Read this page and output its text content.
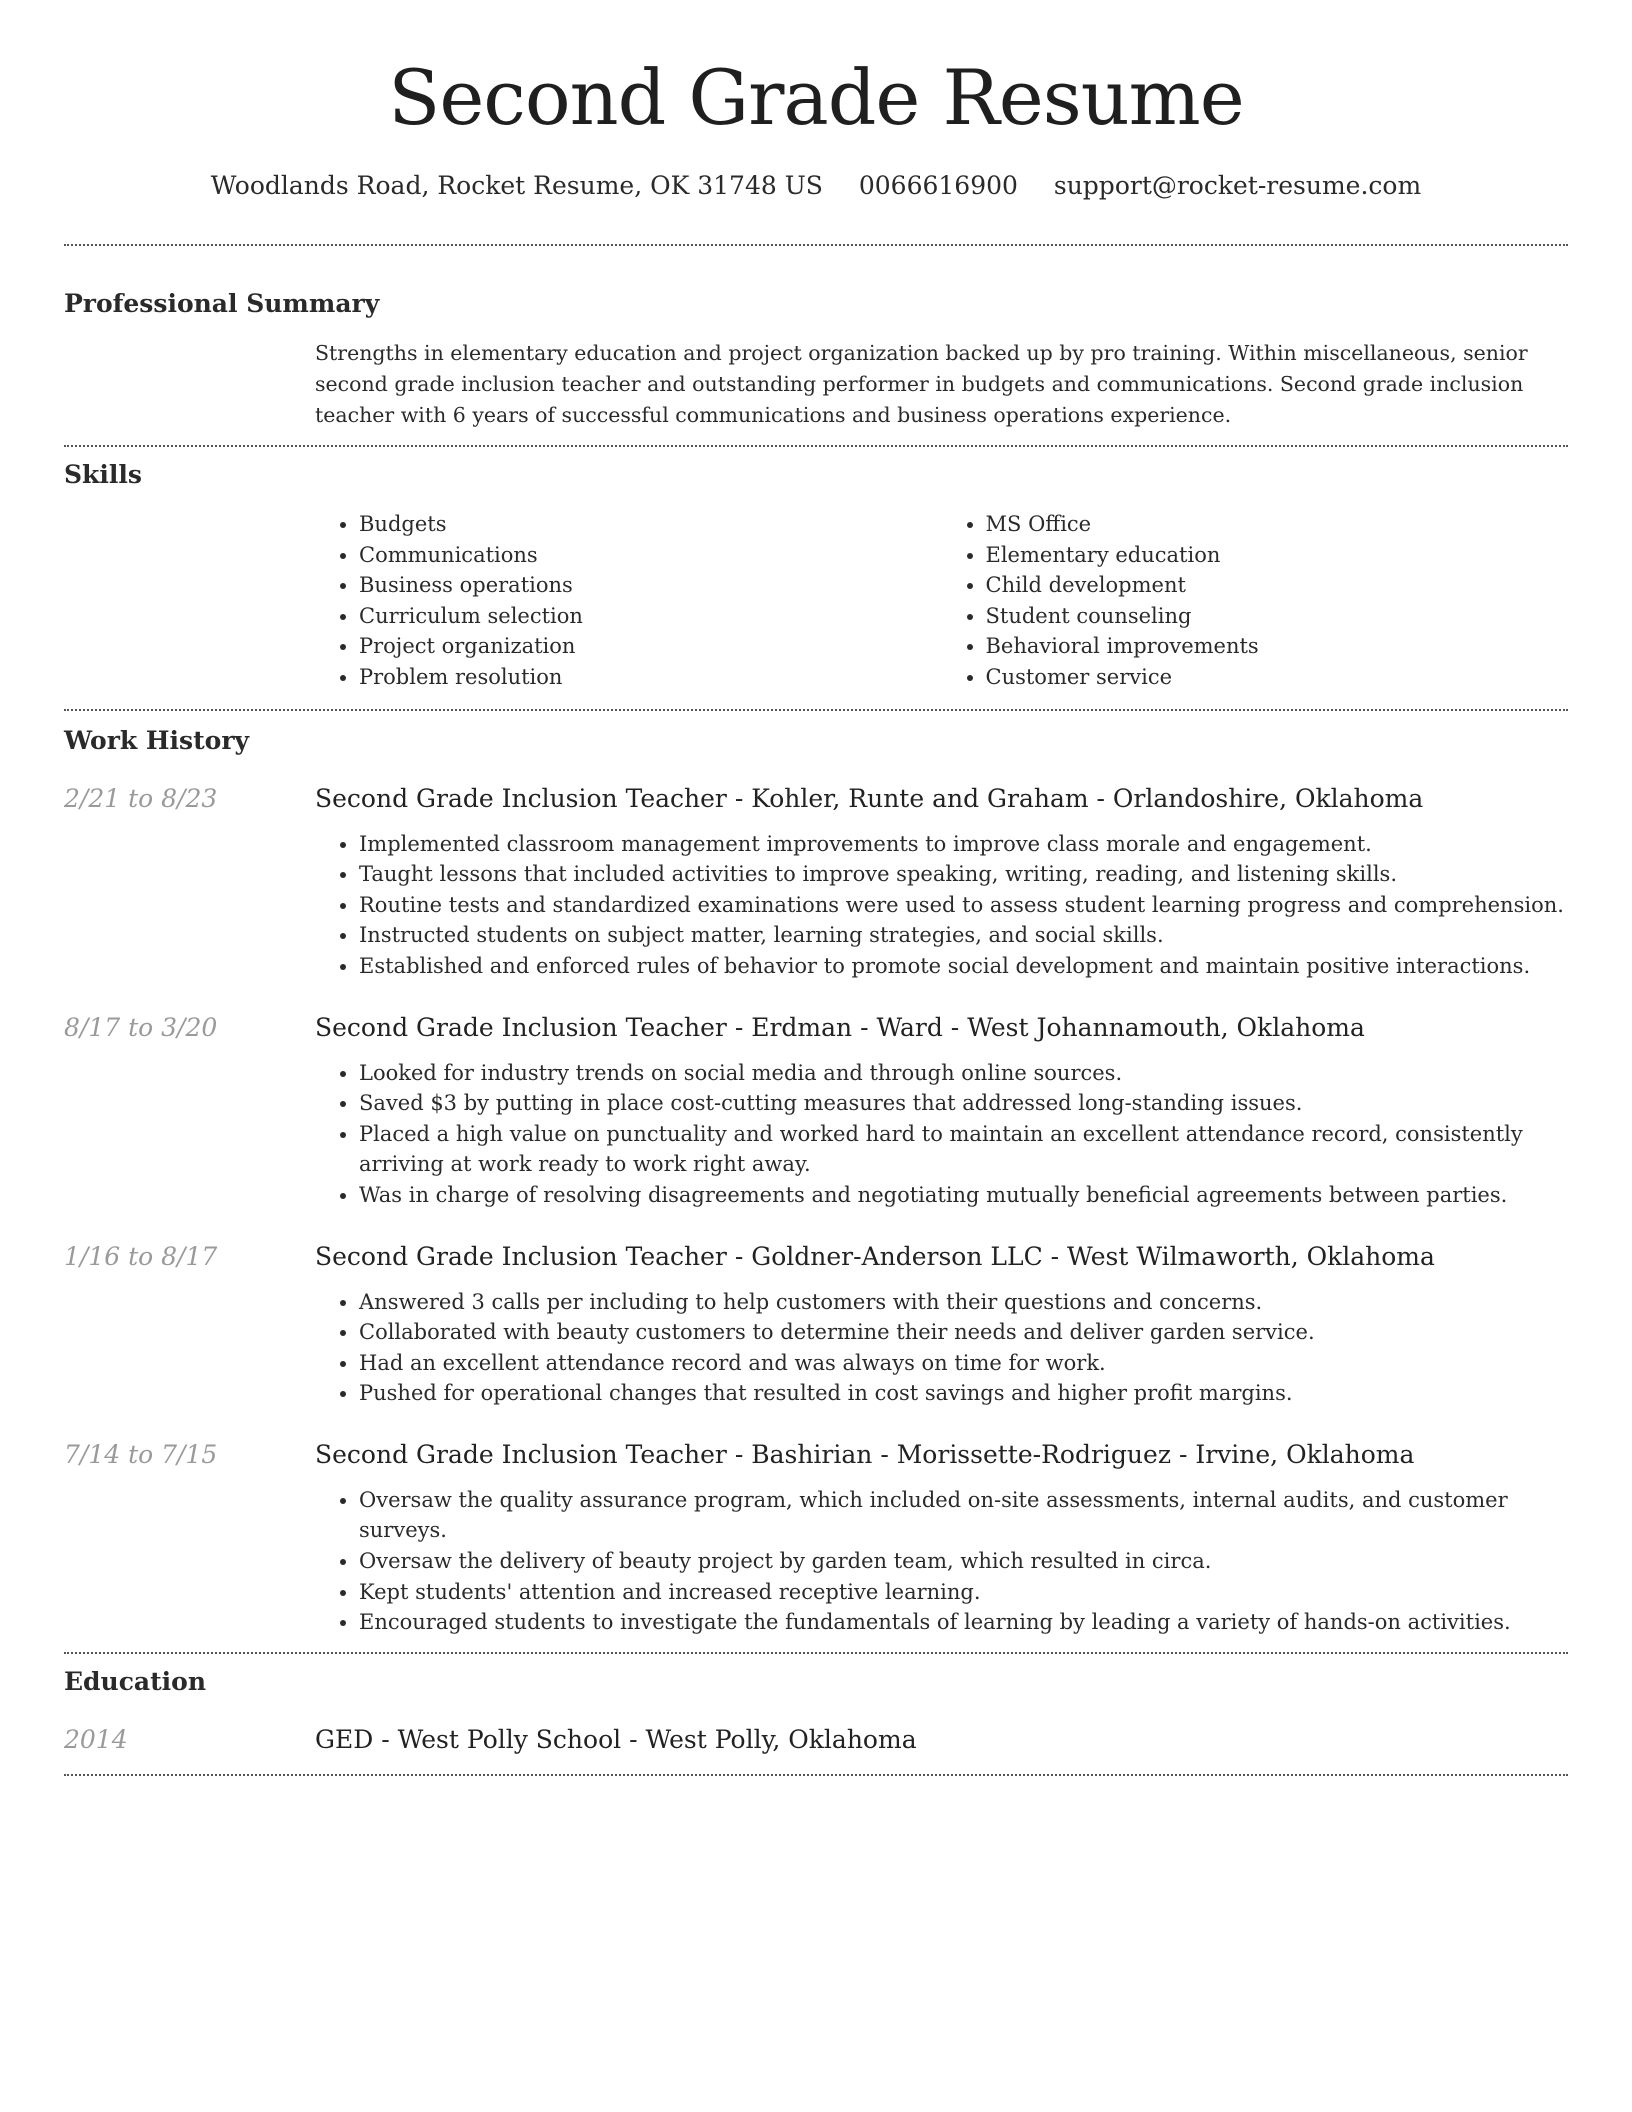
Second Grade Resume
Woodlands Road, Rocket Resume, OK 31748 US 0066616900 support@rocket-resume.com
Professional Summary
Strengths in elementary education and project organization backed up by pro training. Within miscellaneous, senior second grade inclusion teacher and outstanding performer in budgets and communications. Second grade inclusion teacher with 6 years of successful communications and business operations experience.
Skills
• Budgets
• Communications
• Business operations
• Curriculum selection
• Project organization
• Problem resolution
• MS Office
• Elementary education
• Child development
• Student counseling
• Behavioral improvements
• Customer service
Work History
2/21 to 8/23	Second Grade Inclusion Teacher - Kohler, Runte and Graham - Orlandoshire, Oklahoma
• Implemented classroom management improvements to improve class morale and engagement.
• Taught lessons that included activities to improve speaking, writing, reading, and listening skills.
• Routine tests and standardized examinations were used to assess student learning progress and comprehension.
• Instructed students on subject matter, learning strategies, and social skills.
• Established and enforced rules of behavior to promote social development and maintain positive interactions.
8/17 to 3/20	Second Grade Inclusion Teacher - Erdman - Ward - West Johannamouth, Oklahoma
• Looked for industry trends on social media and through online sources.
• Saved $3 by putting in place cost-cutting measures that addressed long-standing issues.
• Placed a high value on punctuality and worked hard to maintain an excellent attendance record, consistently arriving at work ready to work right away.
• Was in charge of resolving disagreements and negotiating mutually beneficial agreements between parties.
1/16 to 8/17	Second Grade Inclusion Teacher - Goldner-Anderson LLC - West Wilmaworth, Oklahoma
• Answered 3 calls per including to help customers with their questions and concerns.
• Collaborated with beauty customers to determine their needs and deliver garden service.
• Had an excellent attendance record and was always on time for work.
• Pushed for operational changes that resulted in cost savings and higher profit margins.
7/14 to 7/15	Second Grade Inclusion Teacher - Bashirian - Morissette-Rodriguez - Irvine, Oklahoma
• Oversaw the quality assurance program, which included on-site assessments, internal audits, and customer surveys.
• Oversaw the delivery of beauty project by garden team, which resulted in circa.
• Kept students' attention and increased receptive learning.
• Encouraged students to investigate the fundamentals of learning by leading a variety of hands-on activities.
Education
2014	GED - West Polly School - West Polly, Oklahoma
